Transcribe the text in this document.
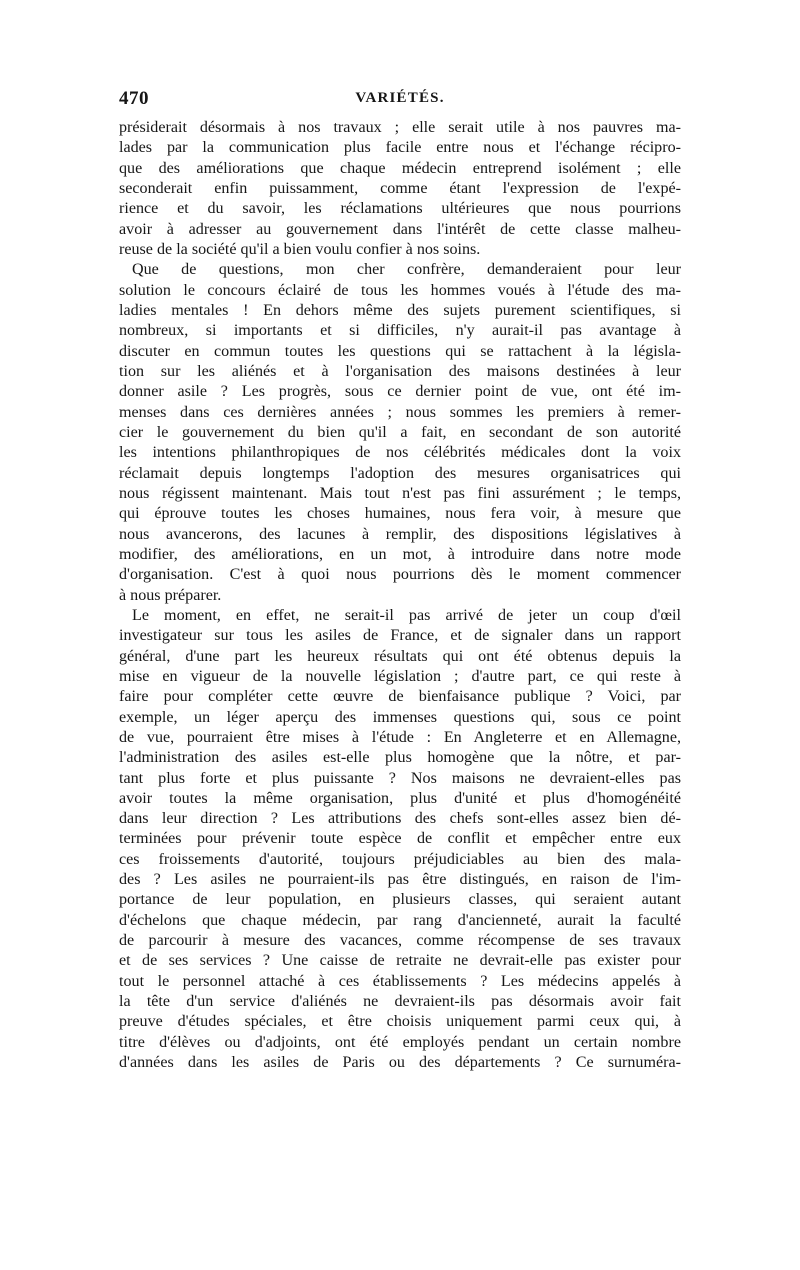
470	VARIÉTÉS.
présiderait désormais à nos travaux ; elle serait utile à nos pauvres ma-
lades par la communication plus facile entre nous et l'échange récipro-
que des améliorations que chaque médecin entreprend isolément ; elle
seconderait enfin puissamment, comme étant l'expression de l'expé-
rience et du savoir, les réclamations ultérieures que nous pourrions
avoir à adresser au gouvernement dans l'intérêt de cette classe malheu-
reuse de la société qu'il a bien voulu confier à nos soins.
Que de questions, mon cher confrère, demanderaient pour leur
solution le concours éclairé de tous les hommes voués à l'étude des ma-
ladies mentales ! En dehors même des sujets purement scientifiques, si
nombreux, si importants et si difficiles, n'y aurait-il pas avantage à
discuter en commun toutes les questions qui se rattachent à la législa-
tion sur les aliénés et à l'organisation des maisons destinées à leur
donner asile ? Les progrès, sous ce dernier point de vue, ont été im-
menses dans ces dernières années ; nous sommes les premiers à remer-
cier le gouvernement du bien qu'il a fait, en secondant de son autorité
les intentions philanthropiques de nos célébrités médicales dont la voix
réclamait depuis longtemps l'adoption des mesures organisatrices qui
nous régissent maintenant. Mais tout n'est pas fini assurément ; le temps,
qui éprouve toutes les choses humaines, nous fera voir, à mesure que
nous avancerons, des lacunes à remplir, des dispositions législatives à
modifier, des améliorations, en un mot, à introduire dans notre mode
d'organisation. C'est à quoi nous pourrions dès le moment commencer
à nous préparer.
Le moment, en effet, ne serait-il pas arrivé de jeter un coup d'œil
investigateur sur tous les asiles de France, et de signaler dans un rapport
général, d'une part les heureux résultats qui ont été obtenus depuis la
mise en vigueur de la nouvelle législation ; d'autre part, ce qui reste à
faire pour compléter cette œuvre de bienfaisance publique ? Voici, par
exemple, un léger aperçu des immenses questions qui, sous ce point
de vue, pourraient être mises à l'étude : En Angleterre et en Allemagne,
l'administration des asiles est-elle plus homogène que la nôtre, et par-
tant plus forte et plus puissante ? Nos maisons ne devraient-elles pas
avoir toutes la même organisation, plus d'unité et plus d'homogénéité
dans leur direction ? Les attributions des chefs sont-elles assez bien dé-
terminées pour prévenir toute espèce de conflit et empêcher entre eux
ces froissements d'autorité, toujours préjudiciables au bien des mala-
des ? Les asiles ne pourraient-ils pas être distingués, en raison de l'im-
portance de leur population, en plusieurs classes, qui seraient autant
d'échelons que chaque médecin, par rang d'ancienneté, aurait la faculté
de parcourir à mesure des vacances, comme récompense de ses travaux
et de ses services ? Une caisse de retraite ne devrait-elle pas exister pour
tout le personnel attaché à ces établissements ? Les médecins appelés à
la tête d'un service d'aliénés ne devraient-ils pas désormais avoir fait
preuve d'études spéciales, et être choisis uniquement parmi ceux qui, à
titre d'élèves ou d'adjoints, ont été employés pendant un certain nombre
d'années dans les asiles de Paris ou des départements ? Ce surnuméra-
